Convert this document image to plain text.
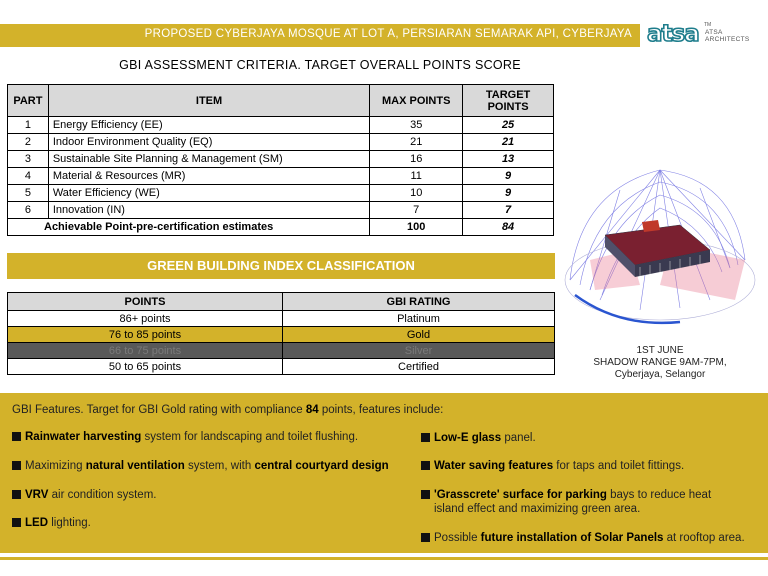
PROPOSED CYBERJAYA MOSQUE AT LOT A, PERSIARAN SEMARAK API, CYBERJAYA atsa TM
ATSA
ARCHITECTS
GBI ASSESSMENT CRITERIA. TARGET OVERALL POINTS SCORE
PART	ITEM	MAX POINTS	TARGET POINTS
1	Energy Efficiency (EE)	35	25
2	Indoor Environment Quality (EQ)	21	21
3	Sustainable Site Planning & Management (SM)	16	13
4	Material & Resources (MR)	11	9
5	Water Efficiency (WE)	10	9
6	Innovation (IN)	7	7
Achievable Point-pre-certification estimates		100	84
GREEN BUILDING INDEX CLASSIFICATION
POINTS	GBI RATING
86+ points	Platinum
76 to 85 points	Gold
66 to 75 points	Silver
50 to 65 points	Certified
1ST JUNE
SHADOW RANGE 9AM-7PM,
Cyberjaya, Selangor
GBI Features. Target for GBI Gold rating with compliance 84 points, features include:
Rainwater harvesting system for landscaping and toilet flushing.
Maximizing natural ventilation system, with central courtyard design
VRV air condition system.
LED lighting.
Low-E glass panel.
Water saving features for taps and toilet fittings.
'Grasscrete' surface for parking bays to reduce heat
island effect and maximizing green area.
Possible future installation of Solar Panels at rooftop area.
